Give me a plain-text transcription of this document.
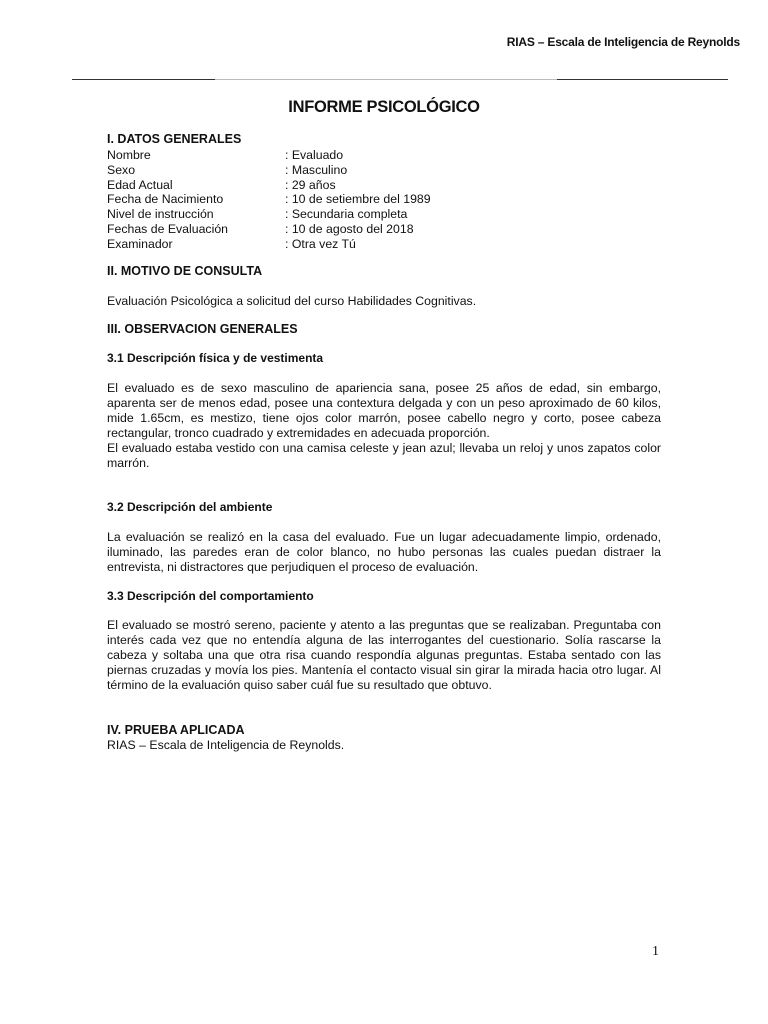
RIAS – Escala de Inteligencia de Reynolds
INFORME PSICOLÓGICO
I. DATOS GENERALES
Nombre	: Evaluado
Sexo	: Masculino
Edad Actual	: 29 años
Fecha de Nacimiento	: 10 de setiembre del 1989
Nivel de instrucción	: Secundaria completa
Fechas de Evaluación	: 10 de agosto del 2018
Examinador	: Otra vez Tú
II. MOTIVO DE CONSULTA

Evaluación Psicológica a solicitud del curso Habilidades Cognitivas.

III. OBSERVACION GENERALES
3.1 Descripción física y de vestimenta

El evaluado es de sexo masculino de apariencia sana, posee 25 años de edad, sin embargo, aparenta ser de menos edad, posee una contextura delgada y con un peso aproximado de 60 kilos, mide 1.65cm, es mestizo, tiene ojos color marrón, posee cabello negro y corto, posee cabeza rectangular, tronco cuadrado y extremidades en adecuada proporción.

El evaluado estaba vestido con una camisa celeste y jean azul; llevaba un reloj y unos zapatos color marrón.

3.2 Descripción del ambiente

La evaluación se realizó en la casa del evaluado. Fue un lugar adecuadamente limpio, ordenado, iluminado, las paredes eran de color blanco, no hubo personas las cuales puedan distraer la entrevista, ni distractores que perjudiquen el proceso de evaluación.

3.3 Descripción del comportamiento

El evaluado se mostró sereno, paciente y atento a las preguntas que se realizaban. Preguntaba con interés cada vez que no entendía alguna de las interrogantes del cuestionario. Solía rascarse la cabeza y soltaba una que otra risa cuando respondía algunas preguntas. Estaba sentado con las piernas cruzadas y movía los pies. Mantenía el contacto visual sin girar la mirada hacia otro lugar. Al término de la evaluación quiso saber cuál fue su resultado que obtuvo.

IV. PRUEBA APLICADA

RIAS – Escala de Inteligencia de Reynolds.

1
